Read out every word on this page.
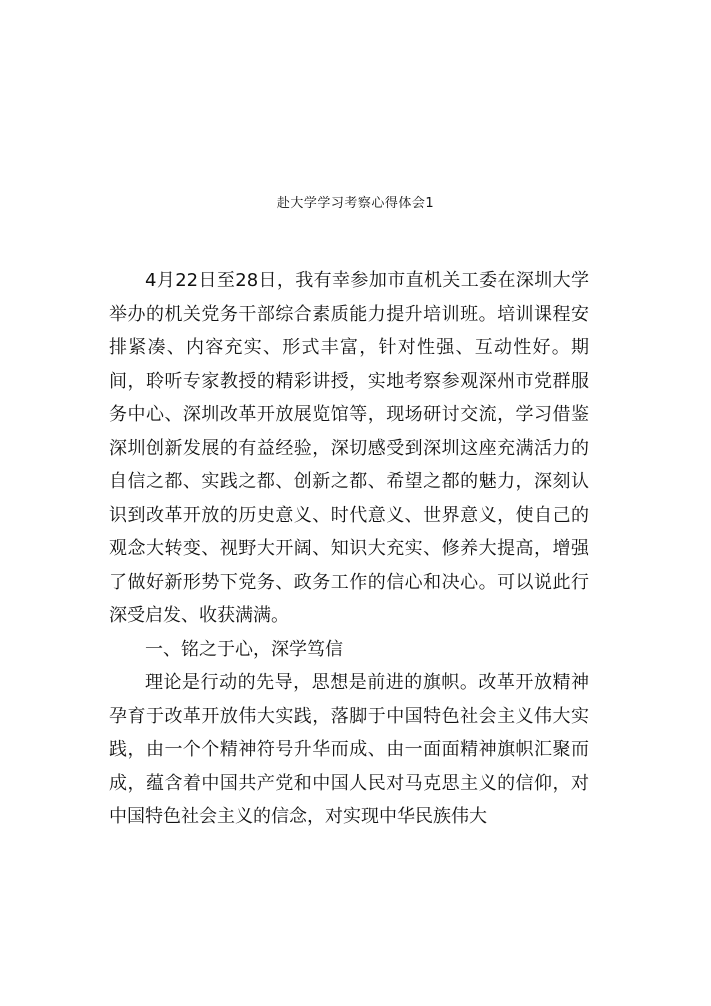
赴大学学习考察心得体会1

4月22日至28日，我有幸参加市直机关工委在深圳大学举办的机关党务干部综合素质能力提升培训班。培训课程安排紧凑、内容充实、形式丰富，针对性强、互动性好。期间，聆听专家教授的精彩讲授，实地考察参观深州市党群服务中心、深圳改革开放展览馆等，现场研讨交流，学习借鉴深圳创新发展的有益经验，深切感受到深圳这座充满活力的自信之都、实践之都、创新之都、希望之都的魅力，深刻认识到改革开放的历史意义、时代意义、世界意义，使自己的观念大转变、视野大开阔、知识大充实、修养大提高，增强了做好新形势下党务、政务工作的信心和决心。可以说此行深受启发、收获满满。

一、铭之于心，深学笃信

理论是行动的先导，思想是前进的旗帜。改革开放精神孕育于改革开放伟大实践，落脚于中国特色社会主义伟大实践，由一个个精神符号升华而成、由一面面精神旗帜汇聚而成，蕴含着中国共产党和中国人民对马克思主义的信仰，对中国特色社会主义的信念，对实现中华民族伟大
